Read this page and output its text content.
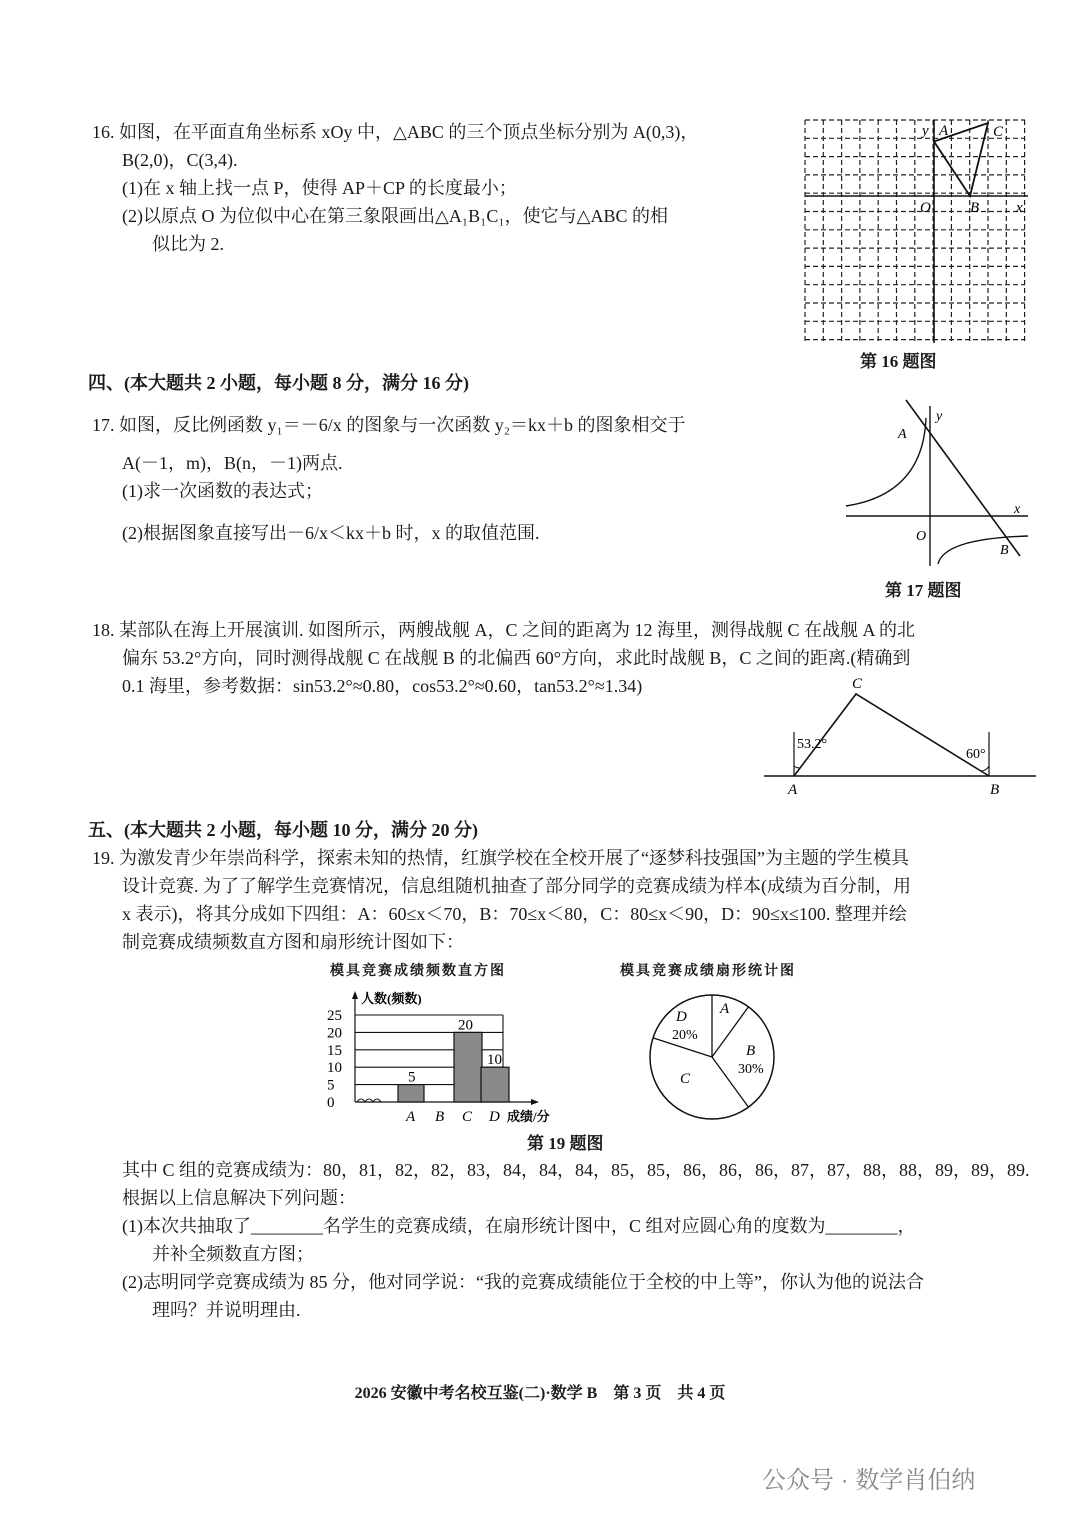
16. 如图，在平面直角坐标系 xOy 中，△ABC 的三个顶点坐标分别为 A(0,3)，
B(2,0)，C(3,4).
(1)在 x 轴上找一点 P，使得 AP＋CP 的长度最小；
(2)以原点 O 为位似中心在第三象限画出△A₁B₁C₁，使它与△ABC 的相
似比为 2.
y A	C
O	B x
第 16 题图
四、(本大题共 2 小题，每小题 8 分，满分 16 分)
17. 如图，反比例函数 y₁＝－6/x 的图象与一次函数 y₂＝kx＋b 的图象相交于
A(－1，m)，B(n，－1)两点.
(1)求一次函数的表达式；
(2)根据图象直接写出－6/x＜kx＋b 时，x 的取值范围.
A
y
x
O
B
第 17 题图
18. 某部队在海上开展演训. 如图所示，两艘战舰 A，C 之间的距离为 12 海里，测得战舰 C 在战舰 A 的北
偏东 53.2°方向，同时测得战舰 C 在战舰 B 的北偏西 60°方向，求此时战舰 B，C 之间的距离.(精确到
0.1 海里，参考数据：sin53.2°≈0.80，cos53.2°≈0.60，tan53.2°≈1.34)	C
A	B
53.2°
60°
五、(本大题共 2 小题，每小题 10 分，满分 20 分)
19. 为激发青少年崇尚科学，探索未知的热情，红旗学校在全校开展了“逐梦科技强国”为主题的学生模具
设计竞赛. 为了了解学生竞赛情况，信息组随机抽查了部分同学的竞赛成绩为样本(成绩为百分制，用
x 表示)，将其分成如下四组：A：60≤x＜70，B：70≤x＜80，C：80≤x＜90，D：90≤x≤100. 整理并绘
制竞赛成绩频数直方图和扇形统计图如下：
模具竞赛成绩频数直方图	模具竞赛成绩扇形统计图
人数(频数)
成绩/分
0
5
10
15
20
25
5
A B
20
C
10
D
A
B
30%
C
D
20%
第 19 题图
其中 C 组的竞赛成绩为：80，81，82，82，83，84，84，84，85，85，86，86，86，87，87，88，88，89，89，89.
根据以上信息解决下列问题：
(1)本次共抽取了________名学生的竞赛成绩，在扇形统计图中，C 组对应圆心角的度数为________，
并补全频数直方图；
(2)志明同学竞赛成绩为 85 分，他对同学说：“我的竞赛成绩能位于全校的中上等”，你认为他的说法合
理吗？并说明理由.
2026 安徽中考名校互鉴(二)·数学 B　第 3 页　共 4 页
公众号 · 数学肖伯纳
